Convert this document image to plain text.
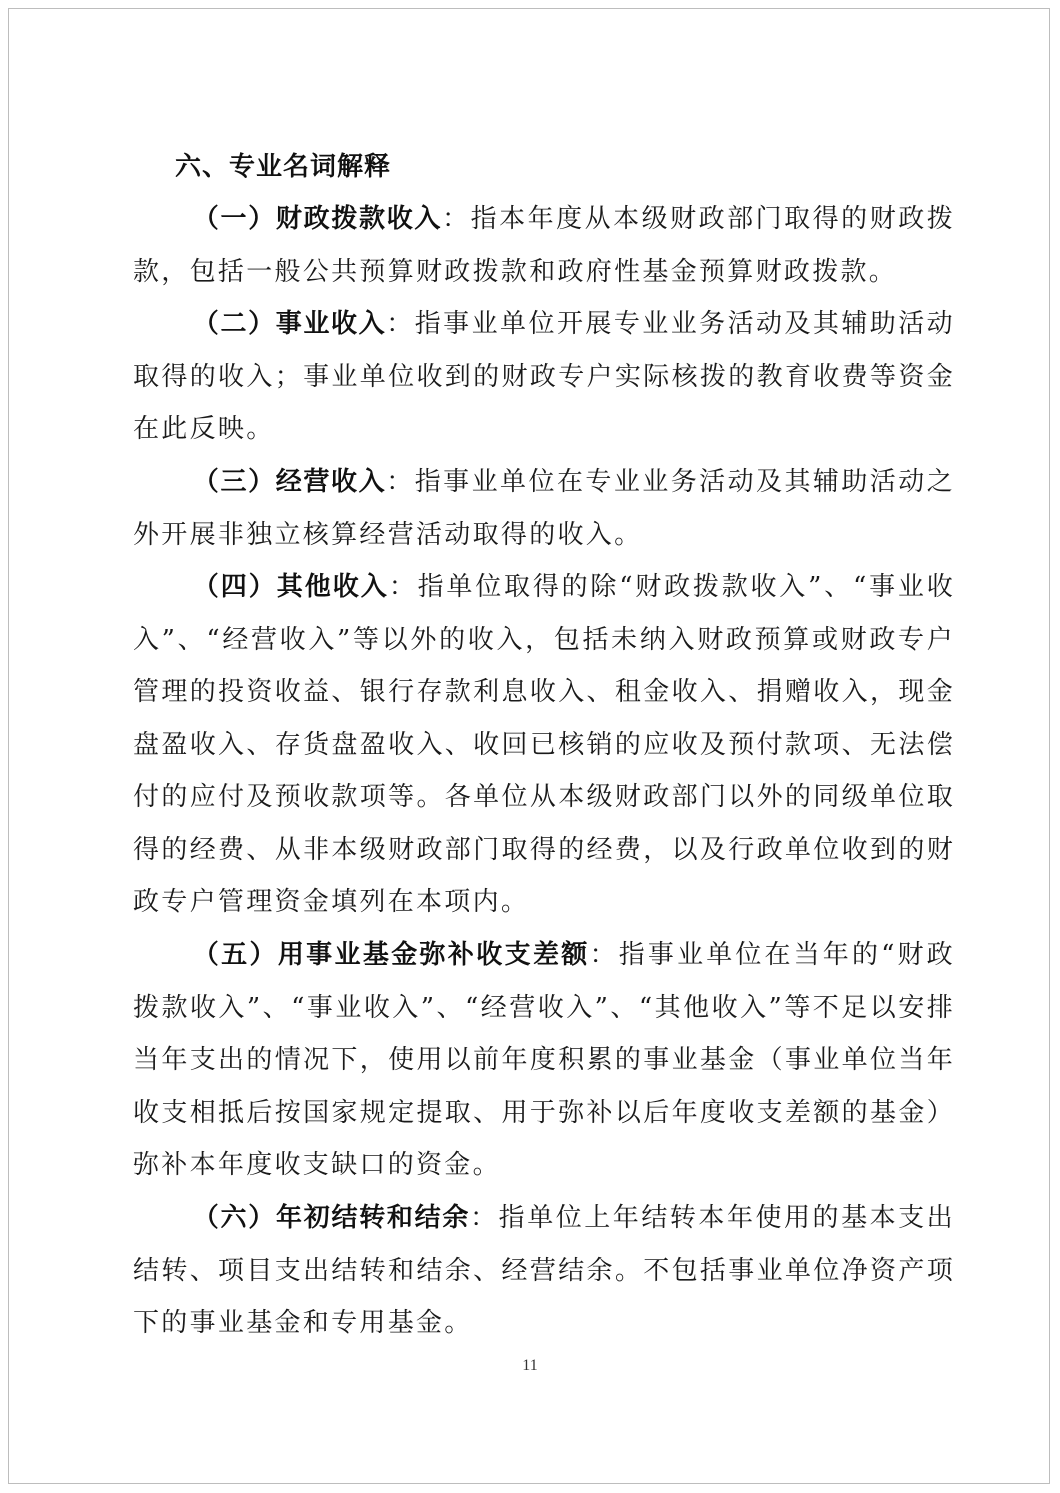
六、专业名词解释

（一）财政拨款收入：指本年度从本级财政部门取得的财政拨款，包括一般公共预算财政拨款和政府性基金预算财政拨款。

（二）事业收入：指事业单位开展专业业务活动及其辅助活动取得的收入；事业单位收到的财政专户实际核拨的教育收费等资金在此反映。

（三）经营收入：指事业单位在专业业务活动及其辅助活动之外开展非独立核算经营活动取得的收入。

（四）其他收入：指单位取得的除“财政拨款收入”、“事业收入”、“经营收入”等以外的收入，包括未纳入财政预算或财政专户管理的投资收益、银行存款利息收入、租金收入、捐赠收入，现金盘盈收入、存货盘盈收入、收回已核销的应收及预付款项、无法偿付的应付及预收款项等。各单位从本级财政部门以外的同级单位取得的经费、从非本级财政部门取得的经费，以及行政单位收到的财政专户管理资金填列在本项内。

（五）用事业基金弥补收支差额：指事业单位在当年的“财政拨款收入”、“事业收入”、“经营收入”、“其他收入”等不足以安排当年支出的情况下，使用以前年度积累的事业基金（事业单位当年收支相抵后按国家规定提取、用于弥补以后年度收支差额的基金）弥补本年度收支缺口的资金。

（六）年初结转和结余：指单位上年结转本年使用的基本支出结转、项目支出结转和结余、经营结余。不包括事业单位净资产项下的事业基金和专用基金。

11
